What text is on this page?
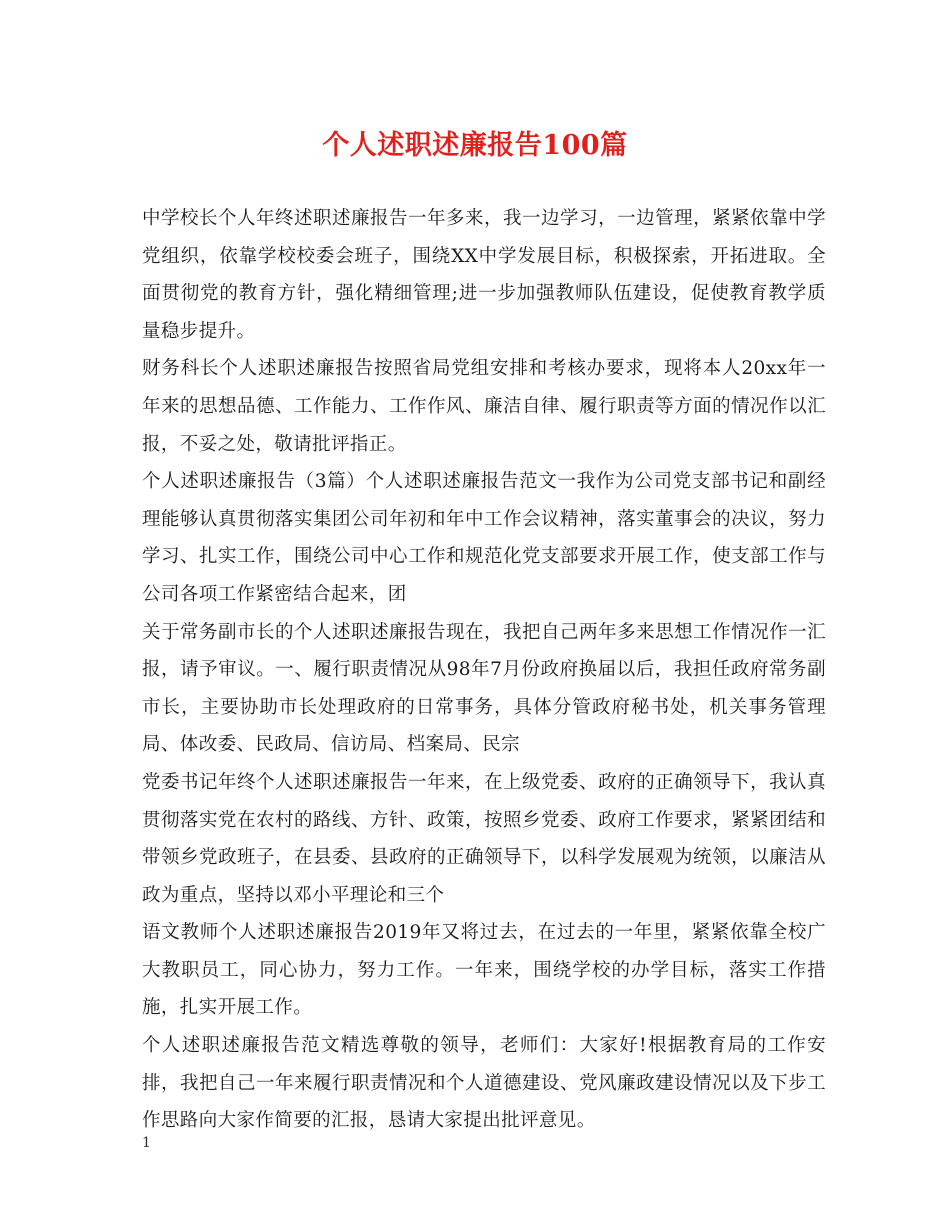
个人述职述廉报告100篇

中学校长个人年终述职述廉报告一年多来，我一边学习，一边管理，紧紧依靠中学党组织，依靠学校校委会班子，围绕XX中学发展目标，积极探索，开拓进取。全面贯彻党的教育方针，强化精细管理;进一步加强教师队伍建设，促使教育教学质量稳步提升。

财务科长个人述职述廉报告按照省局党组安排和考核办要求，现将本人20xx年一年来的思想品德、工作能力、工作作风、廉洁自律、履行职责等方面的情况作以汇报，不妥之处，敬请批评指正。

个人述职述廉报告（3篇）个人述职述廉报告范文一我作为公司党支部书记和副经理能够认真贯彻落实集团公司年初和年中工作会议精神，落实董事会的决议，努力学习、扎实工作，围绕公司中心工作和规范化党支部要求开展工作，使支部工作与公司各项工作紧密结合起来，团

关于常务副市长的个人述职述廉报告现在，我把自己两年多来思想工作情况作一汇报，请予审议。一、履行职责情况从98年7月份政府换届以后，我担任政府常务副市长，主要协助市长处理政府的日常事务，具体分管政府秘书处，机关事务管理局、体改委、民政局、信访局、档案局、民宗

党委书记年终个人述职述廉报告一年来，在上级党委、政府的正确领导下，我认真贯彻落实党在农村的路线、方针、政策，按照乡党委、政府工作要求，紧紧团结和带领乡党政班子，在县委、县政府的正确领导下，以科学发展观为统领，以廉洁从政为重点，坚持以邓小平理论和三个

语文教师个人述职述廉报告2019年又将过去，在过去的一年里，紧紧依靠全校广大教职员工，同心协力，努力工作。一年来，围绕学校的办学目标，落实工作措施，扎实开展工作。

个人述职述廉报告范文精选尊敬的领导，老师们：大家好!根据教育局的工作安排，我把自己一年来履行职责情况和个人道德建设、党风廉政建设情况以及下步工作思路向大家作简要的汇报，恳请大家提出批评意见。

1
